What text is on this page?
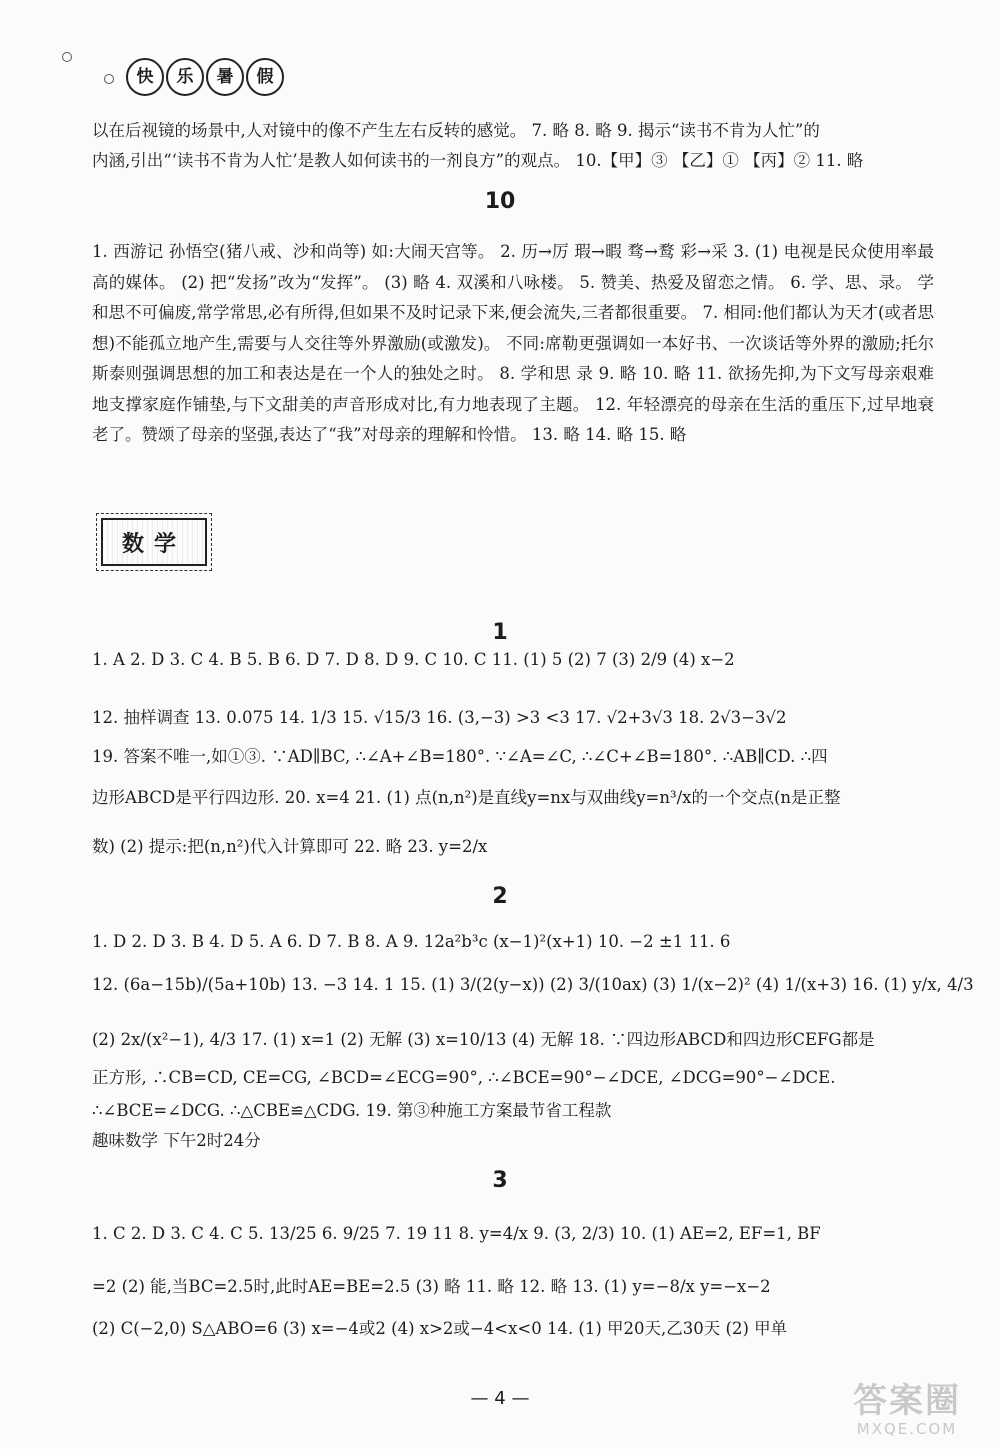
快	乐	暑	假

以在后视镜的场景中,人对镜中的像不产生左右反转的感觉。 7. 略 8. 略 9. 揭示“读书不肯为人忙”的

内涵,引出“‘读书不肯为人忙’是教人如何读书的一剂良方”的观点。 10.【甲】③ 【乙】① 【丙】② 11. 略

10

1. 西游记 孙悟空(猪八戒、沙和尚等) 如:大闹天宫等。 2. 历→厉 瑕→暇 骛→鹜 彩→采 3. (1) 电视是民众使用率最高的媒体。 (2) 把“发扬”改为“发挥”。 (3) 略 4. 双溪和八咏楼。 5. 赞美、热爱及留恋之情。 6. 学、思、录。 学和思不可偏废,常学常思,必有所得,但如果不及时记录下来,便会流失,三者都很重要。 7. 相同:他们都认为天才(或者思想)不能孤立地产生,需要与人交往等外界激励(或激发)。 不同:席勒更强调如一本好书、一次谈话等外界的激励;托尔斯泰则强调思想的加工和表达是在一个人的独处之时。 8. 学和思 录 9. 略 10. 略 11. 欲扬先抑,为下文写母亲艰难地支撑家庭作铺垫,与下文甜美的声音形成对比,有力地表现了主题。 12. 年轻漂亮的母亲在生活的重压下,过早地衰老了。赞颂了母亲的坚强,表达了“我”对母亲的理解和怜惜。 13. 略 14. 略 15. 略

数学
1

1. A 2. D 3. C 4. B 5. B 6. D 7. D 8. D 9. C 10. C 11. (1) 5 (2) 7 (3) 2/9 (4) x−2

12. 抽样调查 13. 0.075 14. 1/3 15. √15/3 16. (3,−3) >3 <3 17. √2+3√3 18. 2√3−3√2

19. 答案不唯一,如①③. ∵AD∥BC, ∴∠A+∠B=180°. ∵∠A=∠C, ∴∠C+∠B=180°. ∴AB∥CD. ∴四

边形ABCD是平行四边形. 20. x=4 21. (1) 点(n,n²)是直线y=nx与双曲线y=n³/x的一个交点(n是正整

数) (2) 提示:把(n,n²)代入计算即可 22. 略 23. y=2/x

2

1. D 2. D 3. B 4. D 5. A 6. D 7. B 8. A 9. 12a²b³c (x−1)²(x+1) 10. −2 ±1 11. 6

12. (6a−15b)/(5a+10b) 13. −3 14. 1 15. (1) 3/(2(y−x)) (2) 3/(10ax) (3) 1/(x−2)² (4) 1/(x+3) 16. (1) y/x, 4/3

(2) 2x/(x²−1), 4/3 17. (1) x=1 (2) 无解 (3) x=10/13 (4) 无解 18. ∵四边形ABCD和四边形CEFG都是

正方形, ∴CB=CD, CE=CG, ∠BCD=∠ECG=90°, ∴∠BCE=90°−∠DCE, ∠DCG=90°−∠DCE.

∴∠BCE=∠DCG. ∴△CBE≌△CDG. 19. 第③种施工方案最节省工程款

趣味数学 下午2时24分

3

1. C 2. D 3. C 4. C 5. 13/25 6. 9/25 7. 19 11 8. y=4/x 9. (3, 2/3) 10. (1) AE=2, EF=1, BF

=2 (2) 能,当BC=2.5时,此时AE=BE=2.5 (3) 略 11. 略 12. 略 13. (1) y=−8/x y=−x−2

(2) C(−2,0) S△ABO=6 (3) x=−4或2 (4) x>2或−4<x<0 14. (1) 甲20天,乙30天 (2) 甲单

— 4 —	答案圈
MXQE.COM
